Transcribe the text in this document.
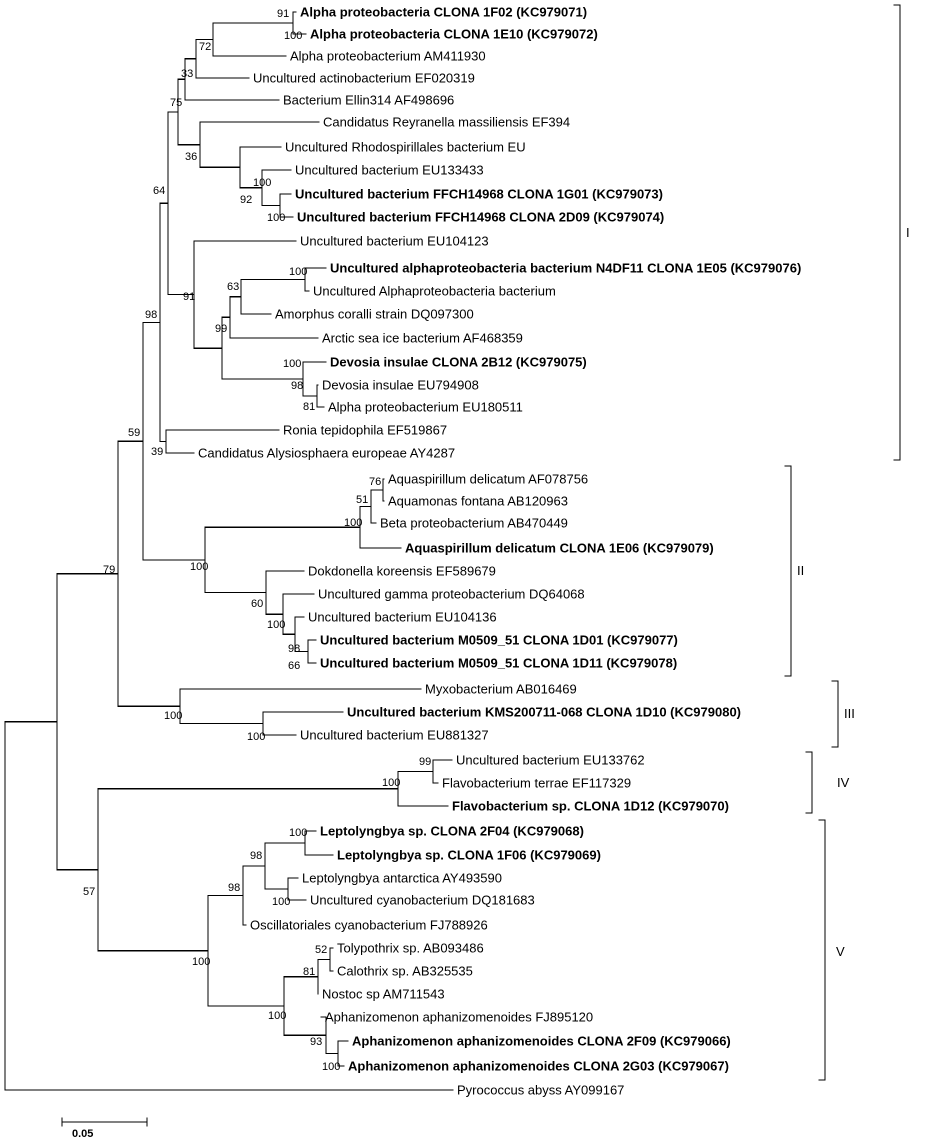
Alpha proteobacteria CLONA 1F02 (KC979071)
Alpha proteobacteria CLONA 1E10 (KC979072)
91
Alpha proteobacterium AM411930
100
Uncultured actinobacterium EF020319
72
Bacterium Ellin314 AF498696
33
Candidatus Reyranella massiliensis EF394
Uncultured Rhodospirillales bacterium EU
Uncultured bacterium EU133433
Uncultured bacterium FFCH14968 CLONA 1G01 (KC979073)
Uncultured bacterium FFCH14968 CLONA 2D09 (KC979074)
100
92
100
36
75
Uncultured bacterium EU104123
Uncultured alphaproteobacteria bacterium N4DF11 CLONA 1E05 (KC979076)
Uncultured Alphaproteobacteria bacterium
100
Amorphus coralli strain DQ097300
63
Arctic sea ice bacterium AF468359
99
Devosia insulae CLONA 2B12 (KC979075)
Devosia insulae EU794908
Alpha proteobacterium EU180511
81
98
100
91
64
Ronia tepidophila EF519867
Candidatus Alysiosphaera europeae AY4287
39
98
Aquaspirillum delicatum AF078756
Aquamonas fontana AB120963
76
Beta proteobacterium AB470449
51
Aquaspirillum delicatum CLONA 1E06 (KC979079)
100
Dokdonella koreensis EF589679
Uncultured gamma proteobacterium DQ64068
Uncultured bacterium EU104136
Uncultured bacterium M0509_51 CLONA 1D01 (KC979077)
Uncultured bacterium M0509_51 CLONA 1D11 (KC979078)
66
98
100
60
100
59
Myxobacterium AB016469
Uncultured bacterium KMS200711-068 CLONA 1D10 (KC979080)
Uncultured bacterium EU881327
100
100
79
Uncultured bacterium EU133762
Flavobacterium terrae EF117329
99
Flavobacterium sp. CLONA 1D12 (KC979070)
100
Leptolyngbya sp. CLONA 2F04 (KC979068)
Leptolyngbya sp. CLONA 1F06 (KC979069)
100
Leptolyngbya antarctica AY493590
Uncultured cyanobacterium DQ181683
100
98
Oscillatoriales cyanobacterium FJ788926
98
Tolypothrix sp. AB093486
Calothrix sp. AB325535
52
Nostoc sp AM711543
81
Aphanizomenon aphanizomenoides FJ895120
Aphanizomenon aphanizomenoides CLONA 2F09 (KC979066)
Aphanizomenon aphanizomenoides CLONA 2G03 (KC979067)
100
93
100
100
57
Pyrococcus abyss AY099167
I
II
III
IV
V
0.05
